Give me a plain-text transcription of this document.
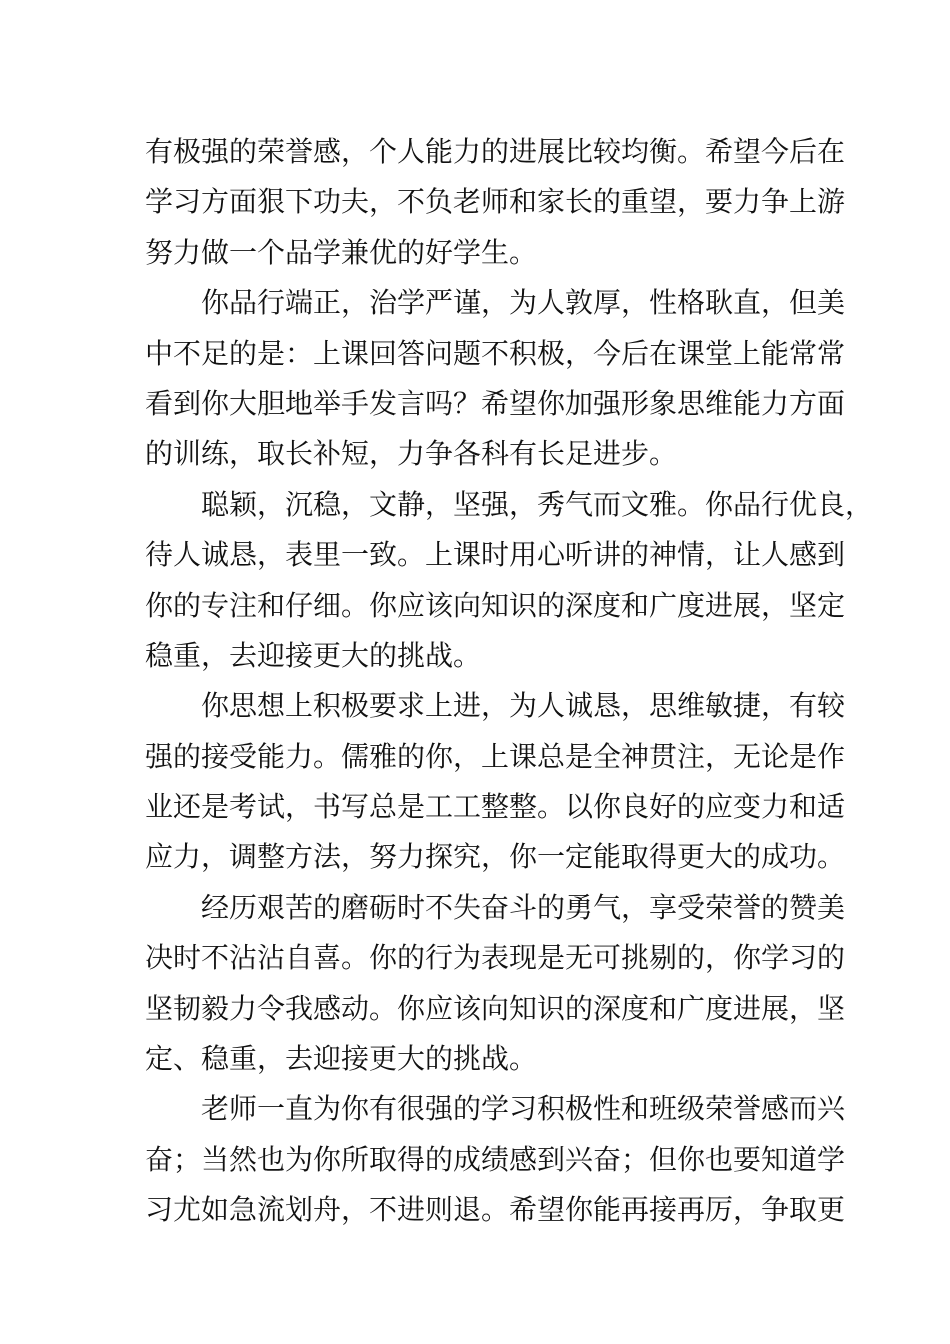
有极强的荣誉感，个人能力的进展比较均衡。希望今后在
学习方面狠下功夫，不负老师和家长的重望，要力争上游
努力做一个品学兼优的好学生。
你品行端正，治学严谨，为人敦厚，性格耿直，但美
中不足的是：上课回答问题不积极，今后在课堂上能常常
看到你大胆地举手发言吗？希望你加强形象思维能力方面
的训练，取长补短，力争各科有长足进步。
聪颖，沉稳，文静，坚强，秀气而文雅。你品行优良，
待人诚恳，表里一致。上课时用心听讲的神情，让人感到
你的专注和仔细。你应该向知识的深度和广度进展，坚定
稳重，去迎接更大的挑战。
你思想上积极要求上进，为人诚恳，思维敏捷，有较
强的接受能力。儒雅的你，上课总是全神贯注，无论是作
业还是考试，书写总是工工整整。以你良好的应变力和适
应力，调整方法，努力探究，你一定能取得更大的成功。
经历艰苦的磨砺时不失奋斗的勇气，享受荣誉的赞美
决时不沾沾自喜。你的行为表现是无可挑剔的，你学习的
坚韧毅力令我感动。你应该向知识的深度和广度进展，坚
定、稳重，去迎接更大的挑战。
老师一直为你有很强的学习积极性和班级荣誉感而兴
奋；当然也为你所取得的成绩感到兴奋；但你也要知道学
习尤如急流划舟，不进则退。希望你能再接再厉，争取更
